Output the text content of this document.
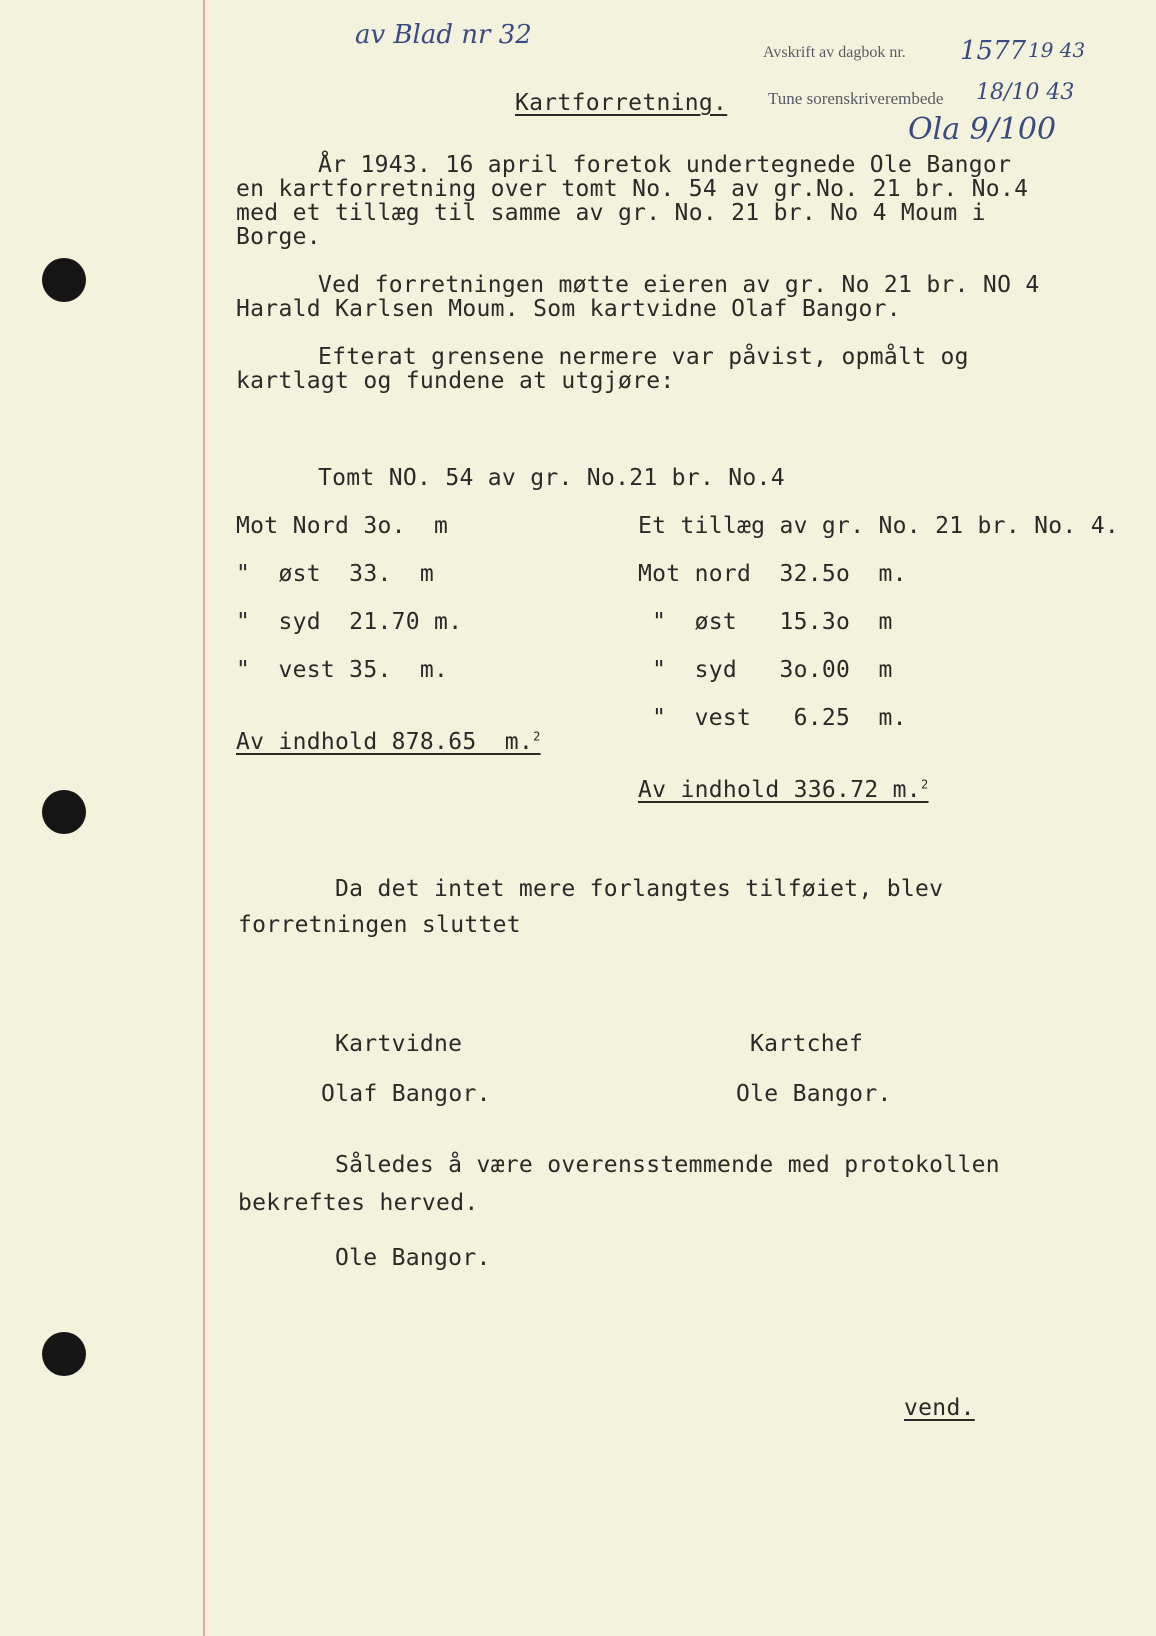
av Blad nr 32
Avskrift av dagbok nr.
Tune sorenskriverembede
1577 19 43
18/10 43
Ola 9/100
Kartforretning.
År 1943. 16 april foretok undertegnede Ole Bangor
en kartforretning over tomt No. 54 av gr.No. 21 br. No.4
med et tillæg til samme av gr. No. 21 br. No 4 Moum i
Borge.
Ved forretningen møtte eieren av gr. No 21 br. NO 4
Harald Karlsen Moum. Som kartvidne Olaf Bangor.
Efterat grensene nermere var påvist, opmålt og
kartlagt og fundene at utgjøre:
Tomt NO. 54 av gr. No.21 br. No.4
Mot Nord 3o.  m
"  øst  33.  m
"  syd  21.70 m.
"  vest 35.  m.
Av indhold 878.65  m.$^2$
Et tillæg av gr. No. 21 br. No. 4.
Mot nord  32.5o  m.
"  øst   15.3o  m
"  syd   3o.00  m
"  vest   6.25  m.
Av indhold 336.72 m.$^2$
Da det intet mere forlangtes tilføiet, blev
forretningen sluttet
Kartvidne
Olaf Bangor.
Kartchef
Ole Bangor.
Således å være overensstemmende med protokollen
bekreftes herved.
Ole Bangor.
vend.
